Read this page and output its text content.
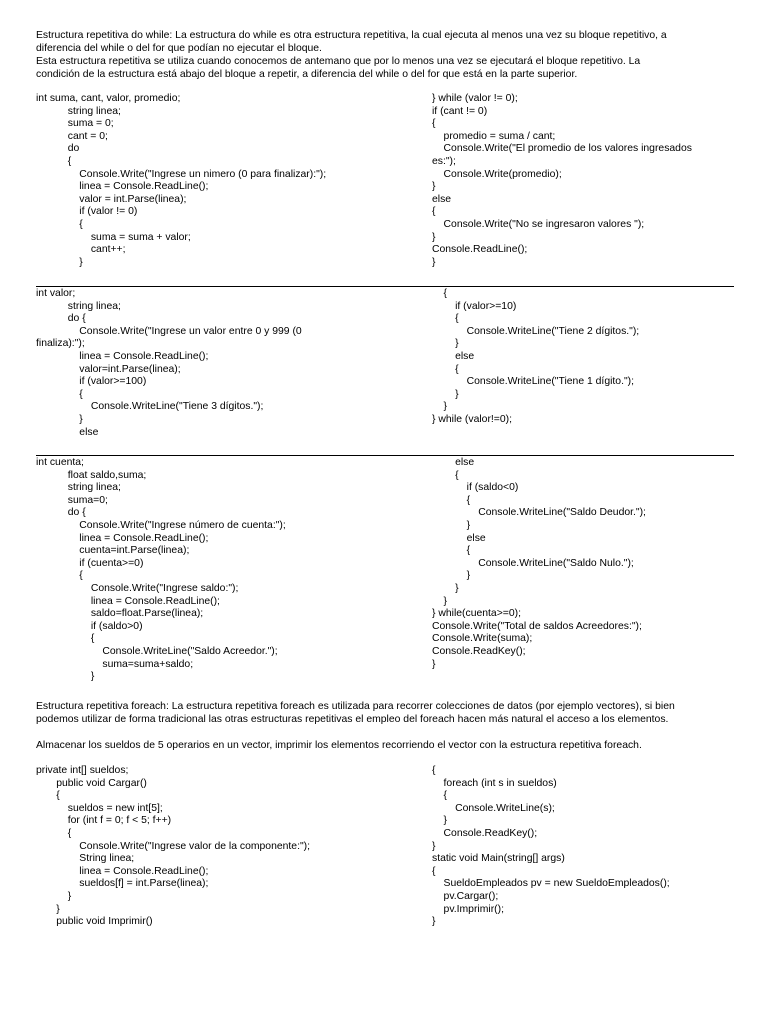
Estructura repetitiva do while: La estructura do while es otra estructura repetitiva, la cual ejecuta al menos una vez su bloque repetitivo, a
diferencia del while o del for que podían no ejecutar el bloque.
Esta estructura repetitiva se utiliza cuando conocemos de antemano que por lo menos una vez se ejecutará el bloque repetitivo. La
condición de la estructura está abajo del bloque a repetir, a diferencia del while o del for que está en la parte superior.
int suma, cant, valor, promedio;
string linea;
suma = 0;
cant = 0;
do
{
Console.Write("Ingrese un nimero (0 para finalizar):");
linea = Console.ReadLine();
valor = int.Parse(linea);
if (valor != 0)
{
suma = suma + valor;
cant++;
}
} while (valor != 0);
if (cant != 0)
{
promedio = suma / cant;
Console.Write("El promedio de los valores ingresados
es:");
Console.Write(promedio);
}
else
{
Console.Write("No se ingresaron valores ");
}
Console.ReadLine();
}
int valor;
string linea;
do {
Console.Write("Ingrese un valor entre 0 y 999 (0
finaliza):");
linea = Console.ReadLine();
valor=int.Parse(linea);
if (valor>=100)
{
Console.WriteLine("Tiene 3 dígitos.");
}
else
{
if (valor>=10)
{
Console.WriteLine("Tiene 2 dígitos.");
}
else
{
Console.WriteLine("Tiene 1 dígito.");
}
}
} while (valor!=0);
int cuenta;
float saldo,suma;
string linea;
suma=0;
do {
Console.Write("Ingrese número de cuenta:");
linea = Console.ReadLine();
cuenta=int.Parse(linea);
if (cuenta>=0)
{
Console.Write("Ingrese saldo:");
linea = Console.ReadLine();
saldo=float.Parse(linea);
if (saldo>0)
{
Console.WriteLine("Saldo Acreedor.");
suma=suma+saldo;
}
else
{
if (saldo<0)
{
Console.WriteLine("Saldo Deudor.");
}
else
{
Console.WriteLine("Saldo Nulo.");
}
}
}
} while(cuenta>=0);
Console.Write("Total de saldos Acreedores:");
Console.Write(suma);
Console.ReadKey();
}
Estructura repetitiva foreach: La estructura repetitiva foreach es utilizada para recorrer colecciones de datos (por ejemplo vectores), si bien
podemos utilizar de forma tradicional las otras estructuras repetitivas el empleo del foreach hacen más natural el acceso a los elementos.
Almacenar los sueldos de 5 operarios en un vector, imprimir los elementos recorriendo el vector con la estructura repetitiva foreach.
private int[] sueldos;
public void Cargar()
{
sueldos = new int[5];
for (int f = 0; f < 5; f++)
{
Console.Write("Ingrese valor de la componente:");
String linea;
linea = Console.ReadLine();
sueldos[f] = int.Parse(linea);
}
}
public void Imprimir()
{
foreach (int s in sueldos)
{
Console.WriteLine(s);
}
Console.ReadKey();
}
static void Main(string[] args)
{
SueldoEmpleados pv = new SueldoEmpleados();
pv.Cargar();
pv.Imprimir();
}
